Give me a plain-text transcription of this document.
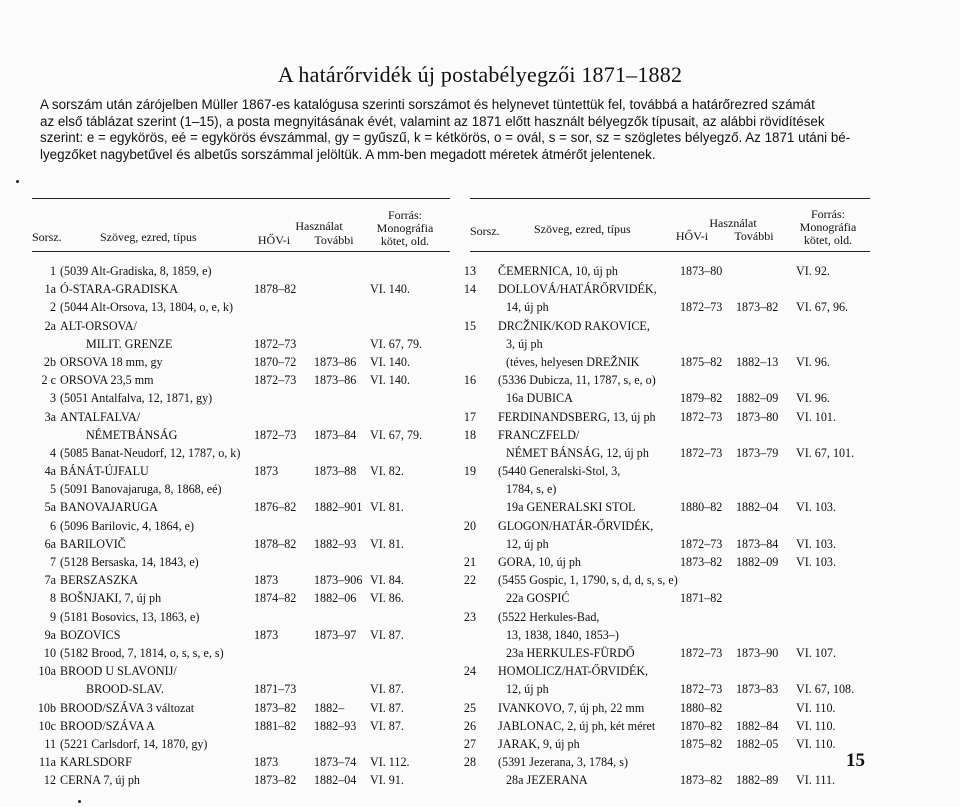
A határőrvidék új postabélyegzői 1871–1882
A sorszám után zárójelben Müller 1867-es katalógusa szerinti sorszámot és helynevet tüntettük fel, továbbá a határőrezred számát
az első táblázat szerint (1–15), a posta megnyitásának évét, valamint az 1871 előtt használt bélyegzők típusait, az alábbi rövidítések
szerint: e = egykörös, eé = egykörös évszámmal, gy = gyűszű, k = kétkörös, o = ovál, s = sor, sz = szögletes bélyegző. Az 1871 utáni bé-
lyegzőket nagybetűvel és albetűs sorszámmal jelöltük. A mm-ben megadott méretek átmérőt jelentenek.
Sorsz.	Szöveg, ezred, típus
Használat
HŐV-i	További
Forrás:
Monográfia
kötet, old.
1 (5039 Alt-Gradiska, 8, 1859, e)
1a Ó-STARA-GRADISKA	1878–82	VI. 140.
2 (5044 Alt-Orsova, 13, 1804, o, e, k)
2a ALT-ORSOVA/
MILIT. GRENZE	1872–73	VI. 67, 79.
2b ORSOVA 18 mm, gy	1870–72 1873–86 VI. 140.
2 c ORSOVA 23,5 mm	1872–73 1873–86 VI. 140.
3 (5051 Antalfalva, 12, 1871, gy)
3a ANTALFALVA/
NÉMETBÁNSÁG	1872–73 1873–84 VI. 67, 79.
4 (5085 Banat-Neudorf, 12, 1787, o, k)
4a BÁNÁT-ÚJFALU	1873	1873–88 VI. 82.
5 (5091 Banovajaruga, 8, 1868, eé)
5a BANOVAJARUGA	1876–82 1882–901 VI. 81.
6 (5096 Barilovic, 4, 1864, e)
6a BARILOVIČ	1878–82 1882–93 VI. 81.
7 (5128 Bersaska, 14, 1843, e)
7a BERSZASZKA	1873	1873–906 VI. 84.
8 BOŠNJAKI, 7, új ph	1874–82 1882–06 VI. 86.
9 (5181 Bosovics, 13, 1863, e)
9a BOZOVICS	1873	1873–97 VI. 87.
10 (5182 Brood, 7, 1814, o, s, s, e, s)
10a BROOD U SLAVONIJ/
BROOD-SLAV.	1871–73	VI. 87.
10b BROOD/SZÁVA 3 változat	1873–82 1882– VI. 87.
10c BROOD/SZÁVA A	1881–82 1882–93 VI. 87.
11 (5221 Carlsdorf, 14, 1870, gy)
11a KARLSDORF	1873	1873–74 VI. 112.
12 CERNA 7, új ph	1873–82 1882–04 VI. 91.
Sorsz.	Szöveg, ezred, típus	Használat
HŐV-i	További
Forrás:
Monográfia
kötet, old.
13 ČEMERNICA, 10, új ph	1873–80	VI. 92.
14 DOLLOVÁ/HATÁRŐRVIDÉK,
14, új ph	1872–73 1873–82 VI. 67, 96.
15 DRCŽNIK/KOD RAKOVICE,
3, új ph
(téves, helyesen DREŽNIK	1875–82 1882–13 VI. 96.
16 (5336 Dubicza, 11, 1787, s, e, o)
16a DUBICA	1879–82 1882–09 VI. 96.
17 FERDINANDSBERG, 13, új ph 1872–73 1873–80 VI. 101.
18 FRANCZFELD/
NÉMET BÁNSÁG, 12, új ph	1872–73 1873–79 VI. 67, 101.
19 (5440 Generalski-Stol, 3,
1784, s, e)
19a GENERALSKI STOL	1880–82 1882–04 VI. 103.
20 GLOGON/HATÁR-ŐRVIDÉK,
12, új ph	1872–73 1873–84 VI. 103.
21 GORA, 10, új ph	1873–82 1882–09 VI. 103.
22 (5455 Gospic, 1, 1790, s, d, d, s, s, e)
22a GOSPIĆ	1871–82
23 (5522 Herkules-Bad,
13, 1838, 1840, 1853–)
23a HERKULES-FÜRDŐ	1872–73 1873–90 VI. 107.
24 HOMOLICZ/HAT-ŐRVIDÉK,
12, új ph	1872–73 1873–83 VI. 67, 108.
25 IVANKOVO, 7, új ph, 22 mm	1880–82	VI. 110.
26 JABLONAC, 2, új ph, két méret 1870–82 1882–84 VI. 110.
27 JARAK, 9, új ph	1875–82 1882–05 VI. 110.
28 (5391 Jezerana, 3, 1784, s)
28a JEZERANA	1873–82 1882–89 VI. 111.
15
